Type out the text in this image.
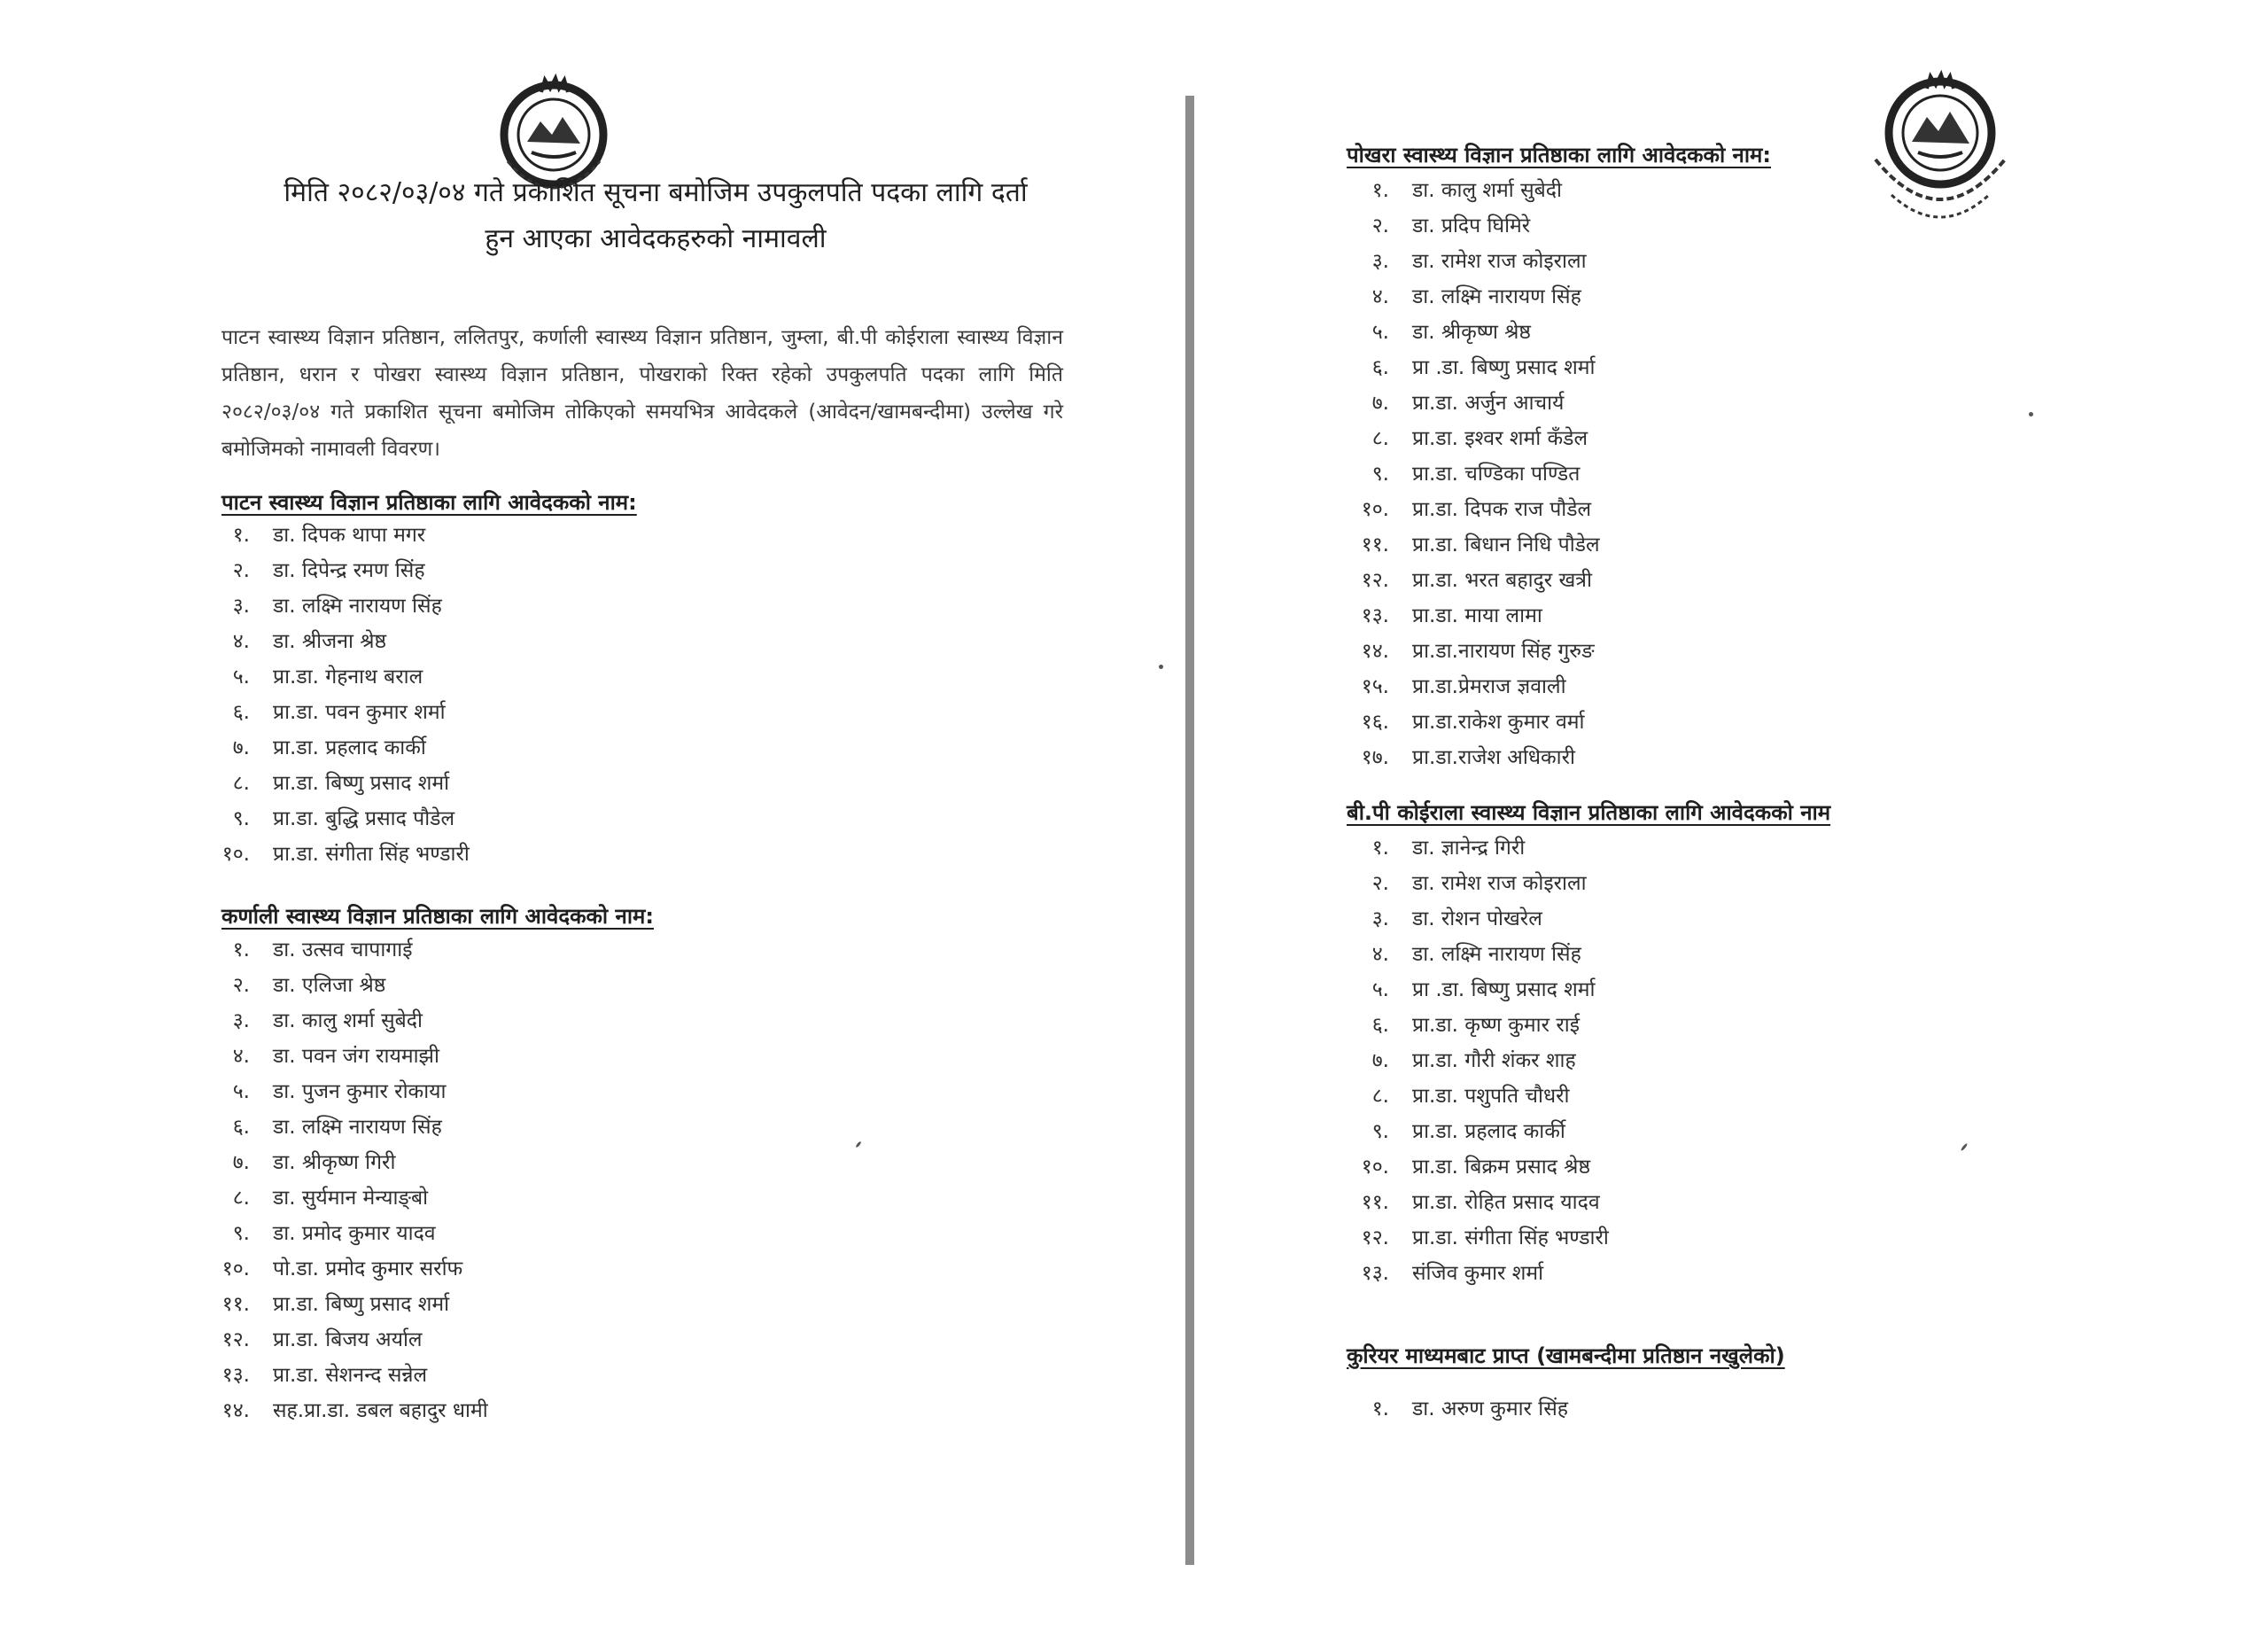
मिति २०८२/०३/०४ गते प्रकाशित सूचना बमोजिम उपकुलपति पदका लागि दर्ता
हुन आएका आवेदकहरुको नामावली
पाटन स्वास्थ्य विज्ञान प्रतिष्ठान, ललितपुर, कर्णाली स्वास्थ्य विज्ञान प्रतिष्ठान, जुम्ला, बी.पी कोईराला स्वास्थ्य विज्ञान प्रतिष्ठान, धरान र पोखरा स्वास्थ्य विज्ञान प्रतिष्ठान, पोखराको रिक्त रहेको उपकुलपति पदका लागि मिति २०८२/०३/०४ गते प्रकाशित सूचना बमोजिम तोकिएको समयभित्र आवेदकले (आवेदन/खामबन्दीमा) उल्लेख गरे बमोजिमको नामावली विवरण।
पाटन स्वास्थ्य विज्ञान प्रतिष्ठाका लागि आवेदकको नाम:
१.	डा. दिपक थापा मगर
२.	डा. दिपेन्द्र रमण सिंह
३.	डा. लक्ष्मि नारायण सिंह
४.	डा. श्रीजना श्रेष्ठ
५.	प्रा.डा. गेहनाथ बराल
६.	प्रा.डा. पवन कुमार शर्मा
७.	प्रा.डा. प्रहलाद कार्की
८.	प्रा.डा. बिष्णु प्रसाद शर्मा
९.	प्रा.डा. बुद्धि प्रसाद पौडेल
१०.	प्रा.डा. संगीता सिंह भण्डारी
कर्णाली स्वास्थ्य विज्ञान प्रतिष्ठाका लागि आवेदकको नाम:
१.	डा. उत्सव चापागाई
२.	डा. एलिजा श्रेष्ठ
३.	डा. कालु शर्मा सुबेदी
४.	डा. पवन जंग रायमाझी
५.	डा. पुजन कुमार रोकाया
६.	डा. लक्ष्मि नारायण सिंह
७.	डा. श्रीकृष्ण गिरी
८.	डा. सुर्यमान मेन्याङ्बो
९.	डा. प्रमोद कुमार यादव
१०.	पो.डा. प्रमोद कुमार सर्राफ
११.	प्रा.डा. बिष्णु प्रसाद शर्मा
१२.	प्रा.डा. बिजय अर्याल
१३.	प्रा.डा. सेशनन्द सन्नेल
१४.	सह.प्रा.डा. डबल बहादुर धामी
पोखरा स्वास्थ्य विज्ञान प्रतिष्ठाका लागि आवेदकको नाम:
१.	डा. कालु शर्मा सुबेदी
२.	डा. प्रदिप घिमिरे
३.	डा. रामेश राज कोइराला
४.	डा. लक्ष्मि नारायण सिंह
५.	डा. श्रीकृष्ण श्रेष्ठ
६.	प्रा .डा. बिष्णु प्रसाद शर्मा
७.	प्रा.डा. अर्जुन आचार्य
८.	प्रा.डा. इश्वर शर्मा कँडेल
९.	प्रा.डा. चण्डिका पण्डित
१०.	प्रा.डा. दिपक राज पौडेल
११.	प्रा.डा. बिधान निधि पौडेल
१२.	प्रा.डा. भरत बहादुर खत्री
१३.	प्रा.डा. माया लामा
१४.	प्रा.डा.नारायण सिंह गुरुङ
१५.	प्रा.डा.प्रेमराज ज्ञवाली
१६.	प्रा.डा.राकेश कुमार वर्मा
१७.	प्रा.डा.राजेश अधिकारी
बी.पी कोईराला स्वास्थ्य विज्ञान प्रतिष्ठाका लागि आवेदकको नाम
१.	डा. ज्ञानेन्द्र गिरी
२.	डा. रामेश राज कोइराला
३.	डा. रोशन पोखरेल
४.	डा. लक्ष्मि नारायण सिंह
५.	प्रा .डा. बिष्णु प्रसाद शर्मा
६.	प्रा.डा. कृष्ण कुमार राई
७.	प्रा.डा. गौरी शंकर शाह
८.	प्रा.डा. पशुपति चौधरी
९.	प्रा.डा. प्रहलाद कार्की
१०.	प्रा.डा. बिक्रम प्रसाद श्रेष्ठ
११.	प्रा.डा. रोहित प्रसाद यादव
१२.	प्रा.डा. संगीता सिंह भण्डारी
१३.	संजिव कुमार शर्मा
कुरियर माध्यमबाट प्राप्त (खामबन्दीमा प्रतिष्ठान नखुलेको)
१.	डा. अरुण कुमार सिंह
